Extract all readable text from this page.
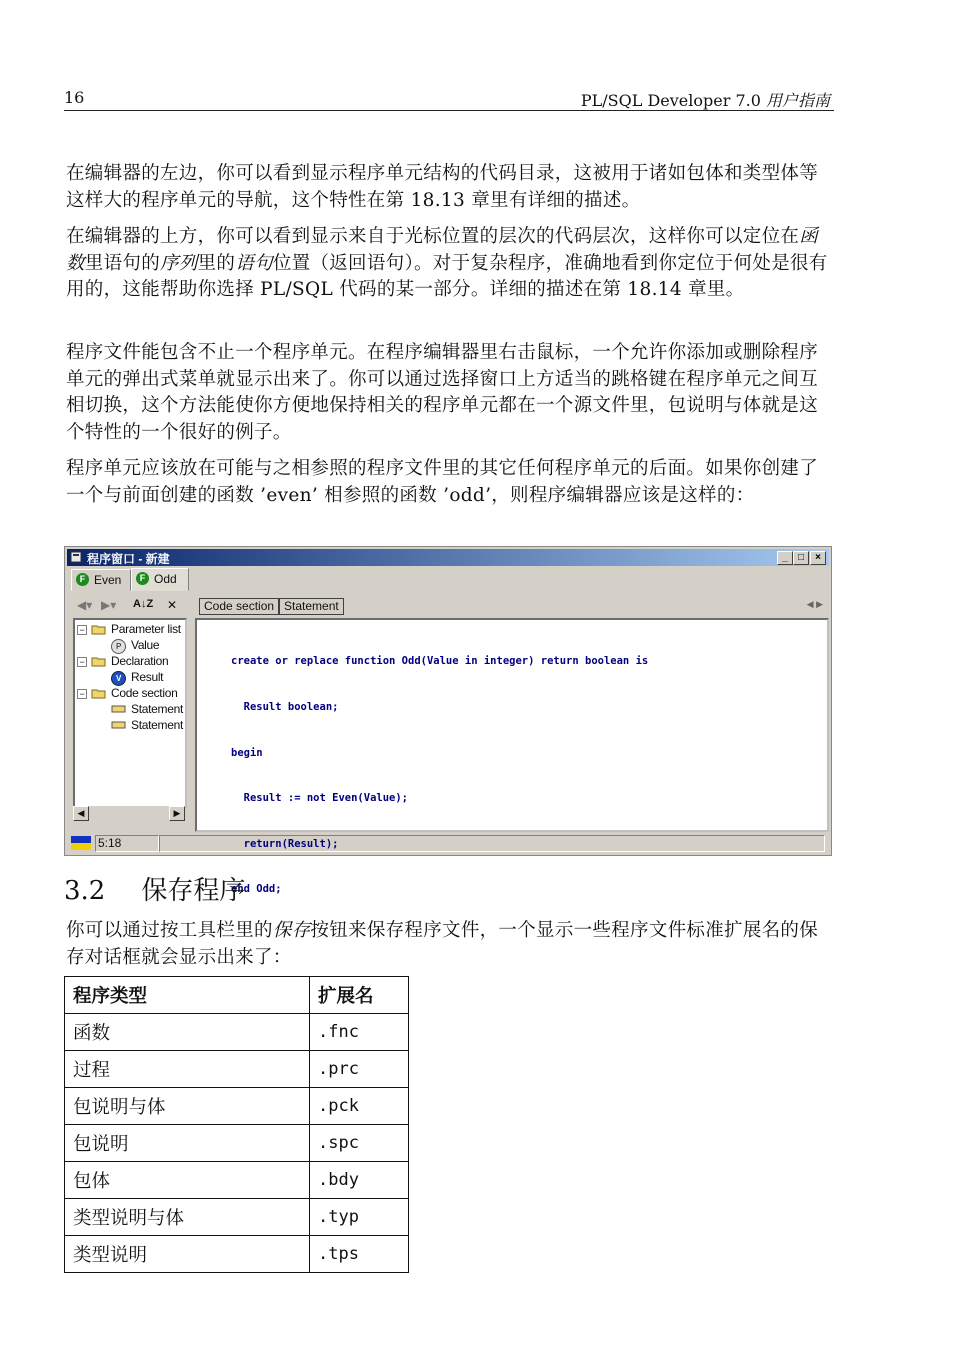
16	PL/SQL Developer 7.0 用户指南
在编辑器的左边，你可以看到显示程序单元结构的代码目录，这被用于诸如包体和类型体等这样大的程序单元的导航，这个特性在第 18.13 章里有详细的描述。
在编辑器的上方，你可以看到显示来自于光标位置的层次的代码层次，这样你可以定位在函数里语句的序列里的语句位置（返回语句）。对于复杂程序，准确地看到你定位于何处是很有用的，这能帮助你选择 PL/SQL 代码的某一部分。详细的描述在第 18.14 章里。
程序文件能包含不止一个程序单元。在程序编辑器里右击鼠标，一个允许你添加或删除程序单元的弹出式菜单就显示出来了。你可以通过选择窗口上方适当的跳格键在程序单元之间互相切换，这个方法能使你方便地保持相关的程序单元都在一个源文件里，包说明与体就是这个特性的一个很好的例子。
程序单元应该放在可能与之相参照的程序文件里的其它任何程序单元的后面。如果你创建了一个与前面创建的函数 ’even’ 相参照的函数 ’odd’，则程序编辑器应该是这样的：
程序窗口 - 新建	_	□	×
F Even	F Odd
◀▾ ▶▾ A↓Z ✕
− Parameter list
P Value
− Declaration
V Result
− Code section
Statement
Statement
◀	▶
Code section Statement	◀ ▶

create or replace function Odd(Value in integer) return boolean is

Result boolean;

begin

Result := not Even(Value);

return(Result);

end Odd;

5:18
3.2 保存程序
你可以通过按工具栏里的保存按钮来保存程序文件，一个显示一些程序文件标准扩展名的保存对话框就会显示出来了：
程序类型	扩展名
函数	.fnc
过程	.prc
包说明与体	.pck
包说明	.spc
包体	.bdy
类型说明与体	.typ
类型说明	.tps
